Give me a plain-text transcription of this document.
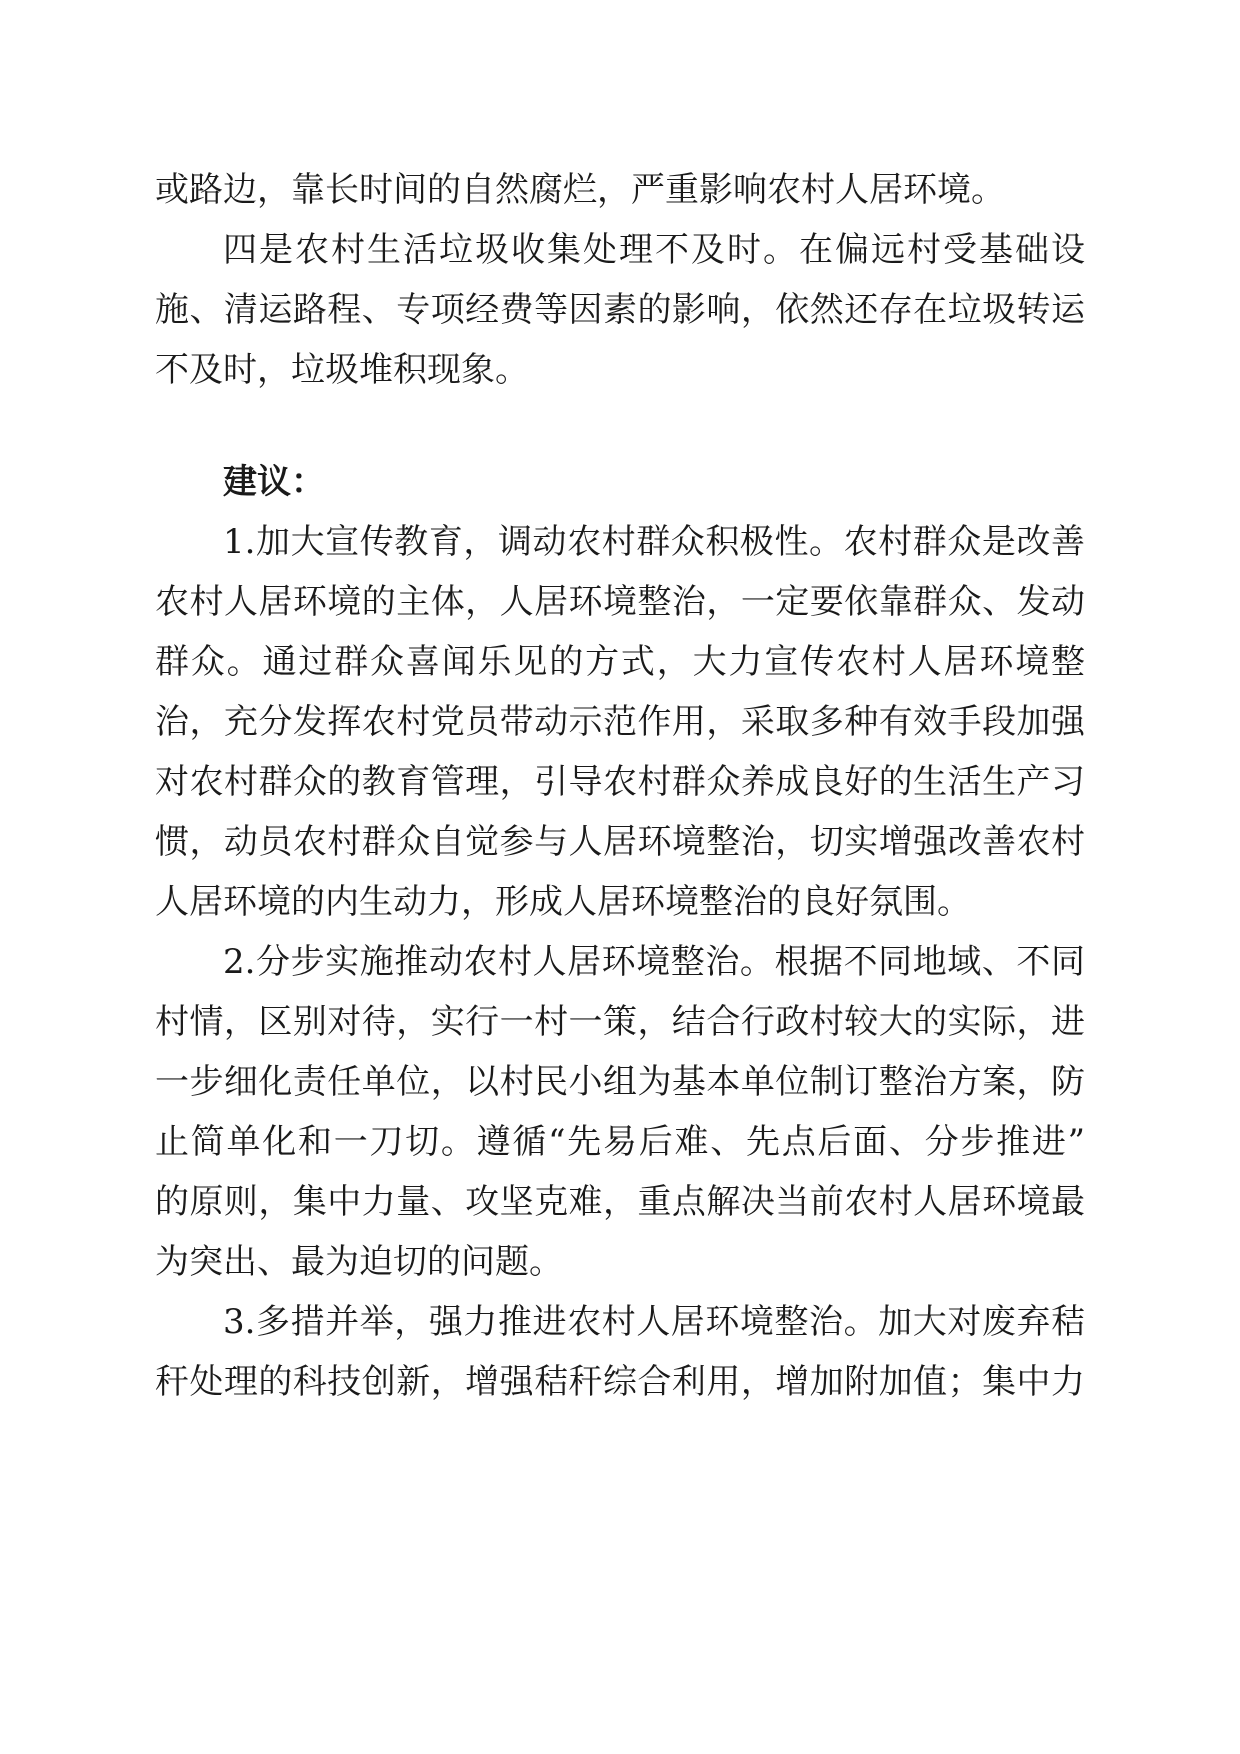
或路边，靠长时间的自然腐烂，严重影响农村人居环境。
四是农村生活垃圾收集处理不及时。在偏远村受基础设
施、清运路程、专项经费等因素的影响，依然还存在垃圾转运
不及时，垃圾堆积现象。
建议：
1.加大宣传教育，调动农村群众积极性。农村群众是改善
农村人居环境的主体，人居环境整治，一定要依靠群众、发动
群众。通过群众喜闻乐见的方式，大力宣传农村人居环境整
治，充分发挥农村党员带动示范作用，采取多种有效手段加强
对农村群众的教育管理，引导农村群众养成良好的生活生产习
惯，动员农村群众自觉参与人居环境整治，切实增强改善农村
人居环境的内生动力，形成人居环境整治的良好氛围。
2.分步实施推动农村人居环境整治。根据不同地域、不同
村情，区别对待，实行一村一策，结合行政村较大的实际，进
一步细化责任单位，以村民小组为基本单位制订整治方案，防
止简单化和一刀切。遵循“先易后难、先点后面、分步推进”
的原则，集中力量、攻坚克难，重点解决当前农村人居环境最
为突出、最为迫切的问题。
3.多措并举，强力推进农村人居环境整治。加大对废弃秸
秆处理的科技创新，增强秸秆综合利用，增加附加值；集中力
